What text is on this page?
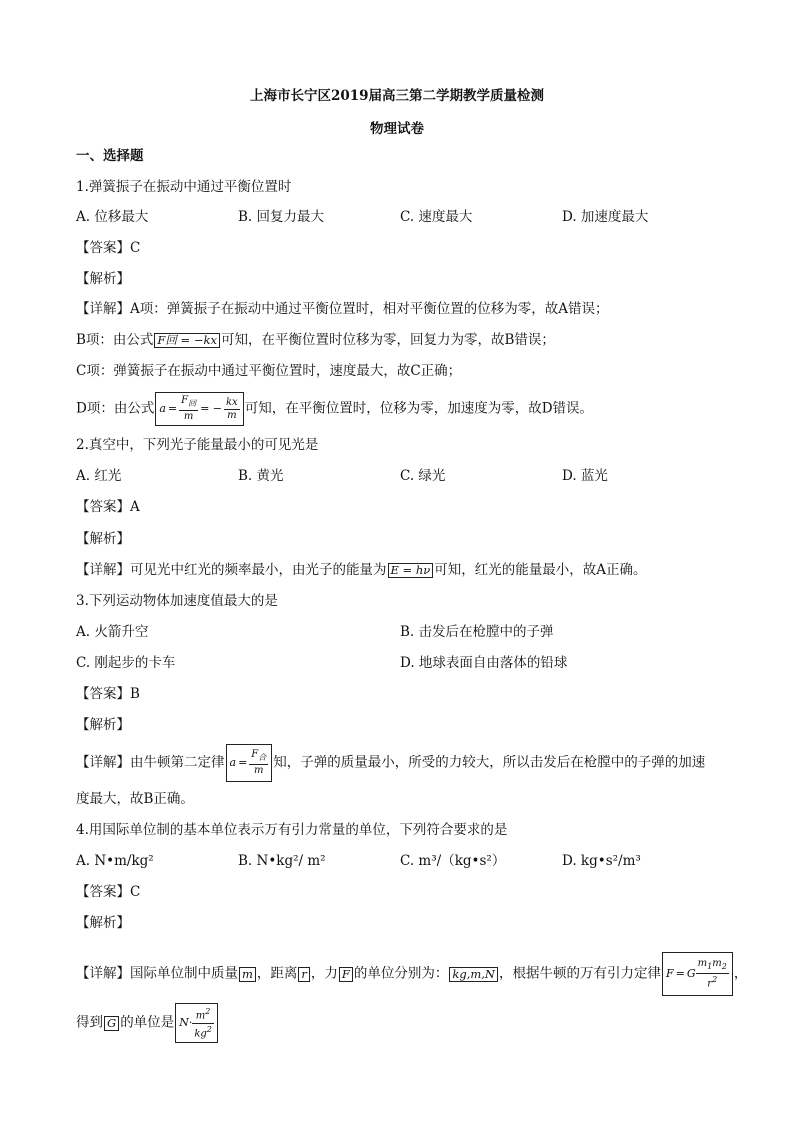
上海市长宁区2019届高三第二学期教学质量检测
物理试卷
一、选择题
1.弹簧振子在振动中通过平衡位置时
A. 位移最大	B. 回复力最大	C. 速度最大	D. 加速度最大
【答案】C
【解析】
【详解】A项：弹簧振子在振动中通过平衡位置时，相对平衡位置的位移为零，故A错误；
B项：由公式 F回 = −kx 可知，在平衡位置时位移为零，回复力为零，故B错误；
C项：弹簧振子在振动中通过平衡位置时，速度最大，故C正确；
D项：由公式 $a = \frac{F_回}{m}$ = − $\frac{kx}{m}$ 可知，在平衡位置时，位移为零，加速度为零，故D错误。
2.真空中，下列光子能量最小的可见光是
A. 红光	B. 黄光	C. 绿光	D. 蓝光
【答案】A
【解析】
【详解】可见光中红光的频率最小，由光子的能量为 E = hν 可知，红光的能量最小，故A正确。
3.下列运动物体加速度值最大的是
A. 火箭升空	B. 击发后在枪膛中的子弹
C. 刚起步的卡车	D. 地球表面自由落体的铅球
【答案】B
【解析】
【详解】由牛顿第二定律 $a = \frac{F_合}{m}$ 知，子弹的质量最小，所受的力较大，所以击发后在枪膛中的子弹的加速
度最大，故B正确。
4.用国际单位制的基本单位表示万有引力常量的单位，下列符合要求的是
A. N•m/kg²	B. N•kg²/ m²	C. m³/（kg•s²）	D. kg•s²/m³
【答案】C
【解析】
【详解】国际单位制中质量 m ，距离 r ，力 F 的单位分别为： kg,m,N ，根据牛顿的万有引力定律 F = G $\frac{m_1m_2}{r^2}$ ，
得到 G 的单位是 $N\cdot \frac{m^2}{kg^2}$
